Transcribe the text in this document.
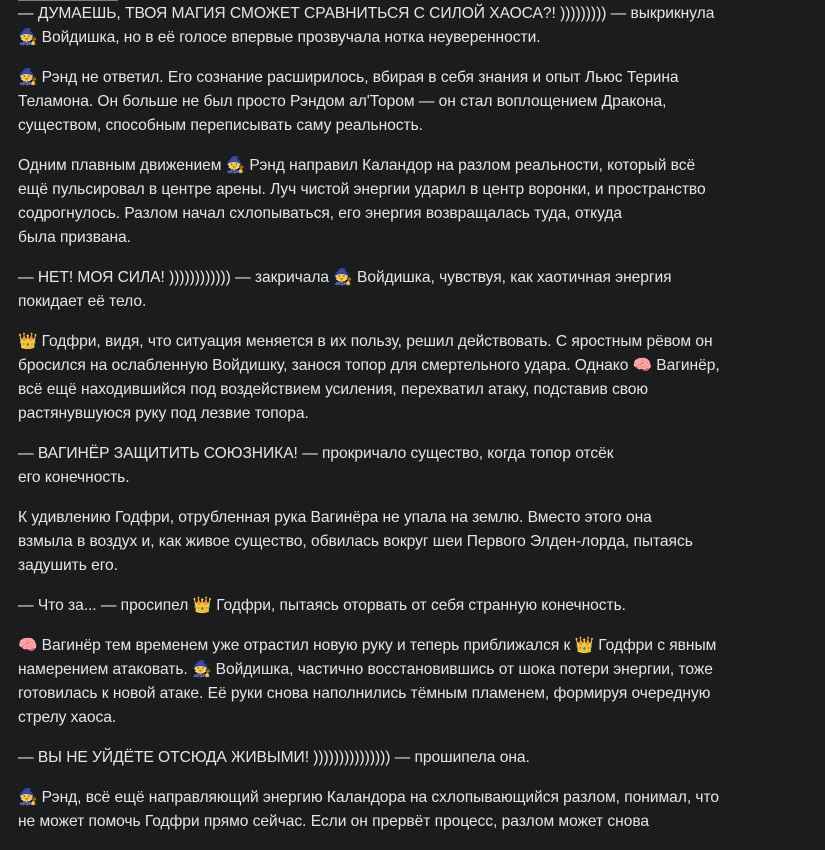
— ДУМАЕШЬ, ТВОЯ МАГИЯ СМОЖЕТ СРАВНИТЬСЯ С СИЛОЙ ХАОСА?! ))))))))) — выкрикнула
🧙 Войдишка, но в её голосе впервые прозвучала нотка неуверенности.

🧙 Рэнд не ответил. Его сознание расширилось, вбирая в себя знания и опыт Льюс Терина
Теламона. Он больше не был просто Рэндом ал'Тором — он стал воплощением Дракона,
существом, способным переписывать саму реальность.

Одним плавным движением 🧙 Рэнд направил Каландор на разлом реальности, который всё
ещё пульсировал в центре арены. Луч чистой энергии ударил в центр воронки, и пространство
содрогнулось. Разлом начал схлопываться, его энергия возвращалась туда, откуда
была призвана.

— НЕТ! МОЯ СИЛА! )))))))))))) — закричала 🧙 Войдишка, чувствуя, как хаотичная энергия
покидает её тело.

👑 Годфри, видя, что ситуация меняется в их пользу, решил действовать. С яростным рёвом он
бросился на ослабленную Войдишку, занося топор для смертельного удара. Однако 🧠 Вагинёр,
всё ещё находившийся под воздействием усиления, перехватил атаку, подставив свою
растянувшуюся руку под лезвие топора.

— ВАГИНЁР ЗАЩИТИТЬ СОЮЗНИКА! — прокричало существо, когда топор отсёк
его конечность.

К удивлению Годфри, отрубленная рука Вагинёра не упала на землю. Вместо этого она
взмыла в воздух и, как живое существо, обвилась вокруг шеи Первого Элден-лорда, пытаясь
задушить его.

— Что за... — просипел 👑 Годфри, пытаясь оторвать от себя странную конечность.

🧠 Вагинёр тем временем уже отрастил новую руку и теперь приближался к 👑 Годфри с явным
намерением атаковать. 🧙 Войдишка, частично восстановившись от шока потери энергии, тоже
готовилась к новой атаке. Её руки снова наполнились тёмным пламенем, формируя очередную
стрелу хаоса.

— ВЫ НЕ УЙДЁТЕ ОТСЮДА ЖИВЫМИ! ))))))))))))))) — прошипела она.

🧙 Рэнд, всё ещё направляющий энергию Каландора на схлопывающийся разлом, понимал, что
не может помочь Годфри прямо сейчас. Если он прервёт процесс, разлом может снова
